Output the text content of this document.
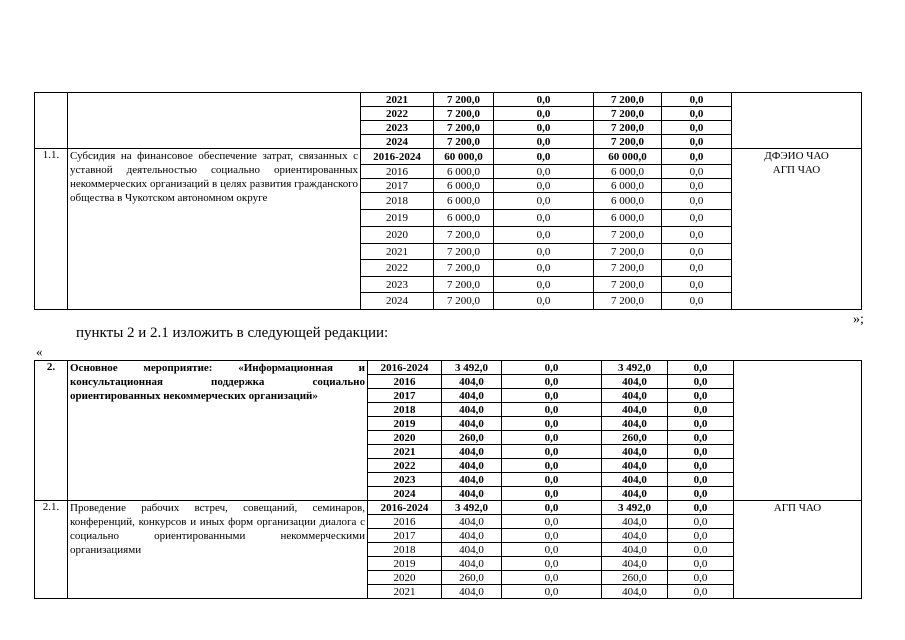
		2021	7 200,0	0,0	7 200,0	0,0	
		2022	7 200,0	0,0	7 200,0	0,0	
		2023	7 200,0	0,0	7 200,0	0,0	
		2024	7 200,0	0,0	7 200,0	0,0	
1.1.	Субсидия на финансовое обеспечение затрат, связанных с уставной деятельностью социально ориентированных некоммерческих организаций в целях развития гражданского общества в Чукотском автономном округе	2016-2024	60 000,0	0,0	60 000,0	0,0	ДФЭИО ЧАО
АГП ЧАО

		2016	6 000,0	0,0	6 000,0	0,0	
		2017	6 000,0	0,0	6 000,0	0,0	
		2018	6 000,0	0,0	6 000,0	0,0	
		2019	6 000,0	0,0	6 000,0	0,0	
		2020	7 200,0	0,0	7 200,0	0,0	
		2021	7 200,0	0,0	7 200,0	0,0	
		2022	7 200,0	0,0	7 200,0	0,0	
		2023	7 200,0	0,0	7 200,0	0,0	
		2024	7 200,0	0,0	7 200,0	0,0	
»;
пункты 2 и 2.1 изложить в следующей редакции:
«
2.	Основное мероприятие: «Информационная и консультационная поддержка социально ориентированных некоммерческих организаций»	2016-2024	3 492,0	0,0	3 492,0	0,0	
		2016	404,0	0,0	404,0	0,0	
		2017	404,0	0,0	404,0	0,0	
		2018	404,0	0,0	404,0	0,0	
		2019	404,0	0,0	404,0	0,0	
		2020	260,0	0,0	260,0	0,0	
		2021	404,0	0,0	404,0	0,0	
		2022	404,0	0,0	404,0	0,0	
		2023	404,0	0,0	404,0	0,0	
		2024	404,0	0,0	404,0	0,0	
2.1.	Проведение рабочих встреч, совещаний, семинаров, конференций, конкурсов и иных форм организации диалога с социально ориентированными некоммерческими организациями	2016-2024	3 492,0	0,0	3 492,0	0,0	АГП ЧАО

		2016	404,0	0,0	404,0	0,0	
		2017	404,0	0,0	404,0	0,0	
		2018	404,0	0,0	404,0	0,0	
		2019	404,0	0,0	404,0	0,0	
		2020	260,0	0,0	260,0	0,0	
		2021	404,0	0,0	404,0	0,0	
